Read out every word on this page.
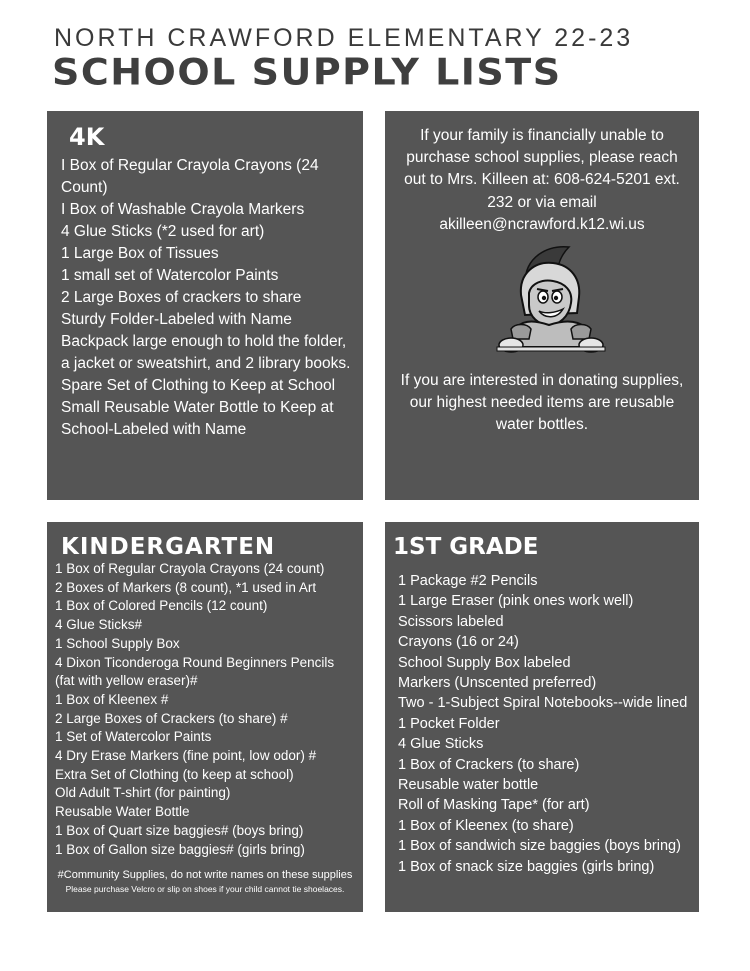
NORTH CRAWFORD ELEMENTARY 22-23
SCHOOL SUPPLY LISTS
4K
I Box of Regular Crayola Crayons (24 Count)
I Box of Washable Crayola Markers
4 Glue Sticks (*2 used for art)
1 Large Box of Tissues
1 small set of Watercolor Paints
2 Large Boxes of crackers to share
Sturdy Folder-Labeled with Name
Backpack large enough to hold the folder, a jacket or sweatshirt, and 2 library books.
Spare Set of Clothing to Keep at School
Small Reusable Water Bottle to Keep at School-Labeled with Name
If your family is financially unable to purchase school supplies, please reach out to Mrs. Killeen at: 608-624-5201 ext. 232 or via email akilleen@ncrawford.k12.wi.us
If you are interested in donating supplies, our highest needed items are reusable water bottles.
KINDERGARTEN
1 Box of Regular Crayola Crayons (24 count)
2 Boxes of Markers (8 count), *1 used in Art
1 Box of Colored Pencils (12 count)
4 Glue Sticks#
1 School Supply Box
4 Dixon Ticonderoga Round Beginners Pencils (fat with yellow eraser)#
1 Box of Kleenex #
2 Large Boxes of Crackers (to share) #
1 Set of Watercolor Paints
4 Dry Erase Markers (fine point, low odor) #
Extra Set of Clothing (to keep at school)
Old Adult T-shirt (for painting)
Reusable Water Bottle
1 Box of Quart size baggies# (boys bring)
1 Box of Gallon size baggies# (girls bring)
#Community Supplies, do not write names on these supplies
Please purchase Velcro or slip on shoes if your child cannot tie shoelaces.
1ST GRADE
1 Package #2 Pencils
1 Large Eraser (pink ones work well)
Scissors labeled
Crayons (16 or 24)
School Supply Box labeled
Markers (Unscented preferred)
Two - 1-Subject Spiral Notebooks--wide lined
1 Pocket Folder
4 Glue Sticks
1 Box of Crackers (to share)
Reusable water bottle
Roll of Masking Tape* (for art)
1 Box of Kleenex (to share)
1 Box of sandwich size baggies (boys bring)
1 Box of snack size baggies (girls bring)
